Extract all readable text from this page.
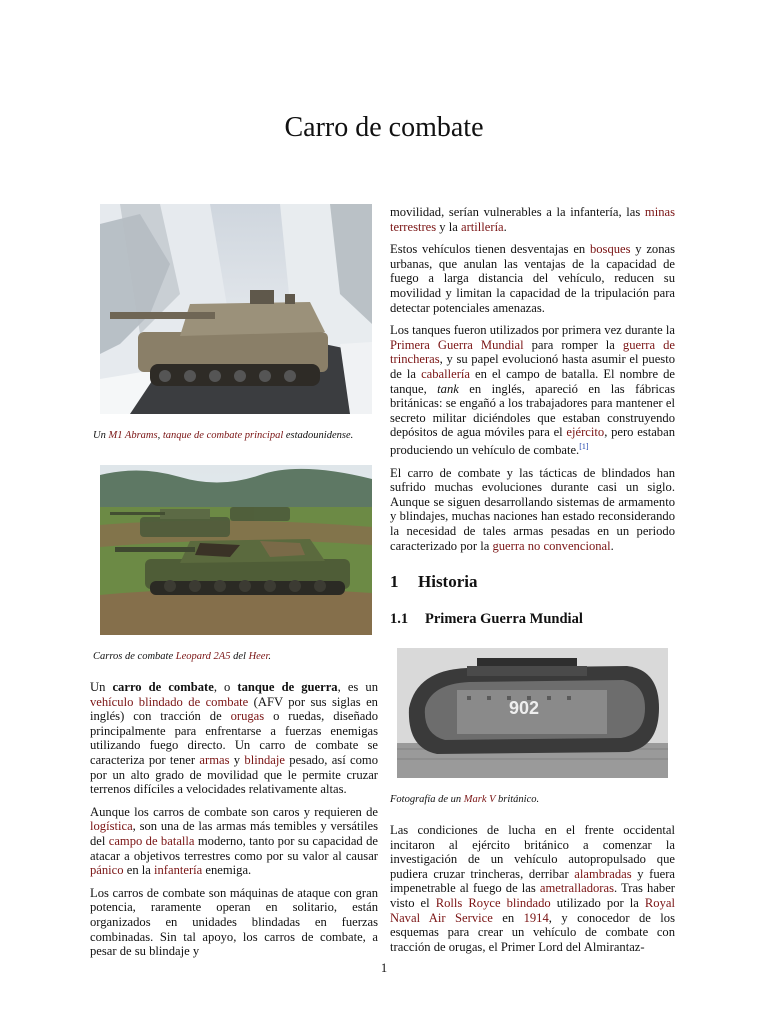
Carro de combate
Un M1 Abrams, tanque de combate principal estadounidense.
Carros de combate Leopard 2A5 del Heer.

Un carro de combate, o tanque de guerra, es un vehículo blindado de combate (AFV por sus siglas en inglés) con tracción de orugas o ruedas, diseñado principalmente para enfrentarse a fuerzas enemigas utilizando fuego directo. Un carro de combate se caracteriza por tener armas y blindaje pesado, así como por un alto grado de movilidad que le permite cruzar terrenos difíciles a velocidades relativamente altas.

Aunque los carros de combate son caros y requieren de logística, son una de las armas más temibles y versátiles del campo de batalla moderno, tanto por su capacidad de atacar a objetivos terrestres como por su valor al causar pánico en la infantería enemiga.

Los carros de combate son máquinas de ataque con gran potencia, raramente operan en solitario, están organizados en unidades blindadas en fuerzas combinadas. Sin tal apoyo, los carros de combate, a pesar de su blindaje y

movilidad, serían vulnerables a la infantería, las minas terrestres y la artillería.

Estos vehículos tienen desventajas en bosques y zonas urbanas, que anulan las ventajas de la capacidad de fuego a larga distancia del vehículo, reducen su movilidad y limitan la capacidad de la tripulación para detectar potenciales amenazas.

Los tanques fueron utilizados por primera vez durante la Primera Guerra Mundial para romper la guerra de trincheras, y su papel evolucionó hasta asumir el puesto de la caballería en el campo de batalla. El nombre de tanque, tank en inglés, apareció en las fábricas británicas: se engañó a los trabajadores para mantener el secreto militar diciéndoles que estaban construyendo depósitos de agua móviles para el ejército, pero estaban produciendo un vehículo de combate.[1]

El carro de combate y las tácticas de blindados han sufrido muchas evoluciones durante casi un siglo. Aunque se siguen desarrollando sistemas de armamento y blindajes, muchas naciones han estado reconsiderando la necesidad de tales armas pesadas en un periodo caracterizado por la guerra no convencional.

1 Historia
1.1 Primera Guerra Mundial
902
Fotografía de un Mark V británico.

Las condiciones de lucha en el frente occidental incitaron al ejército británico a comenzar la investigación de un vehículo autopropulsado que pudiera cruzar trincheras, derribar alambradas y fuera impenetrable al fuego de las ametralladoras. Tras haber visto el Rolls Royce blindado utilizado por la Royal Naval Air Service en 1914, y conocedor de los esquemas para crear un vehículo de combate con tracción de orugas, el Primer Lord del Almirantaz-

1
